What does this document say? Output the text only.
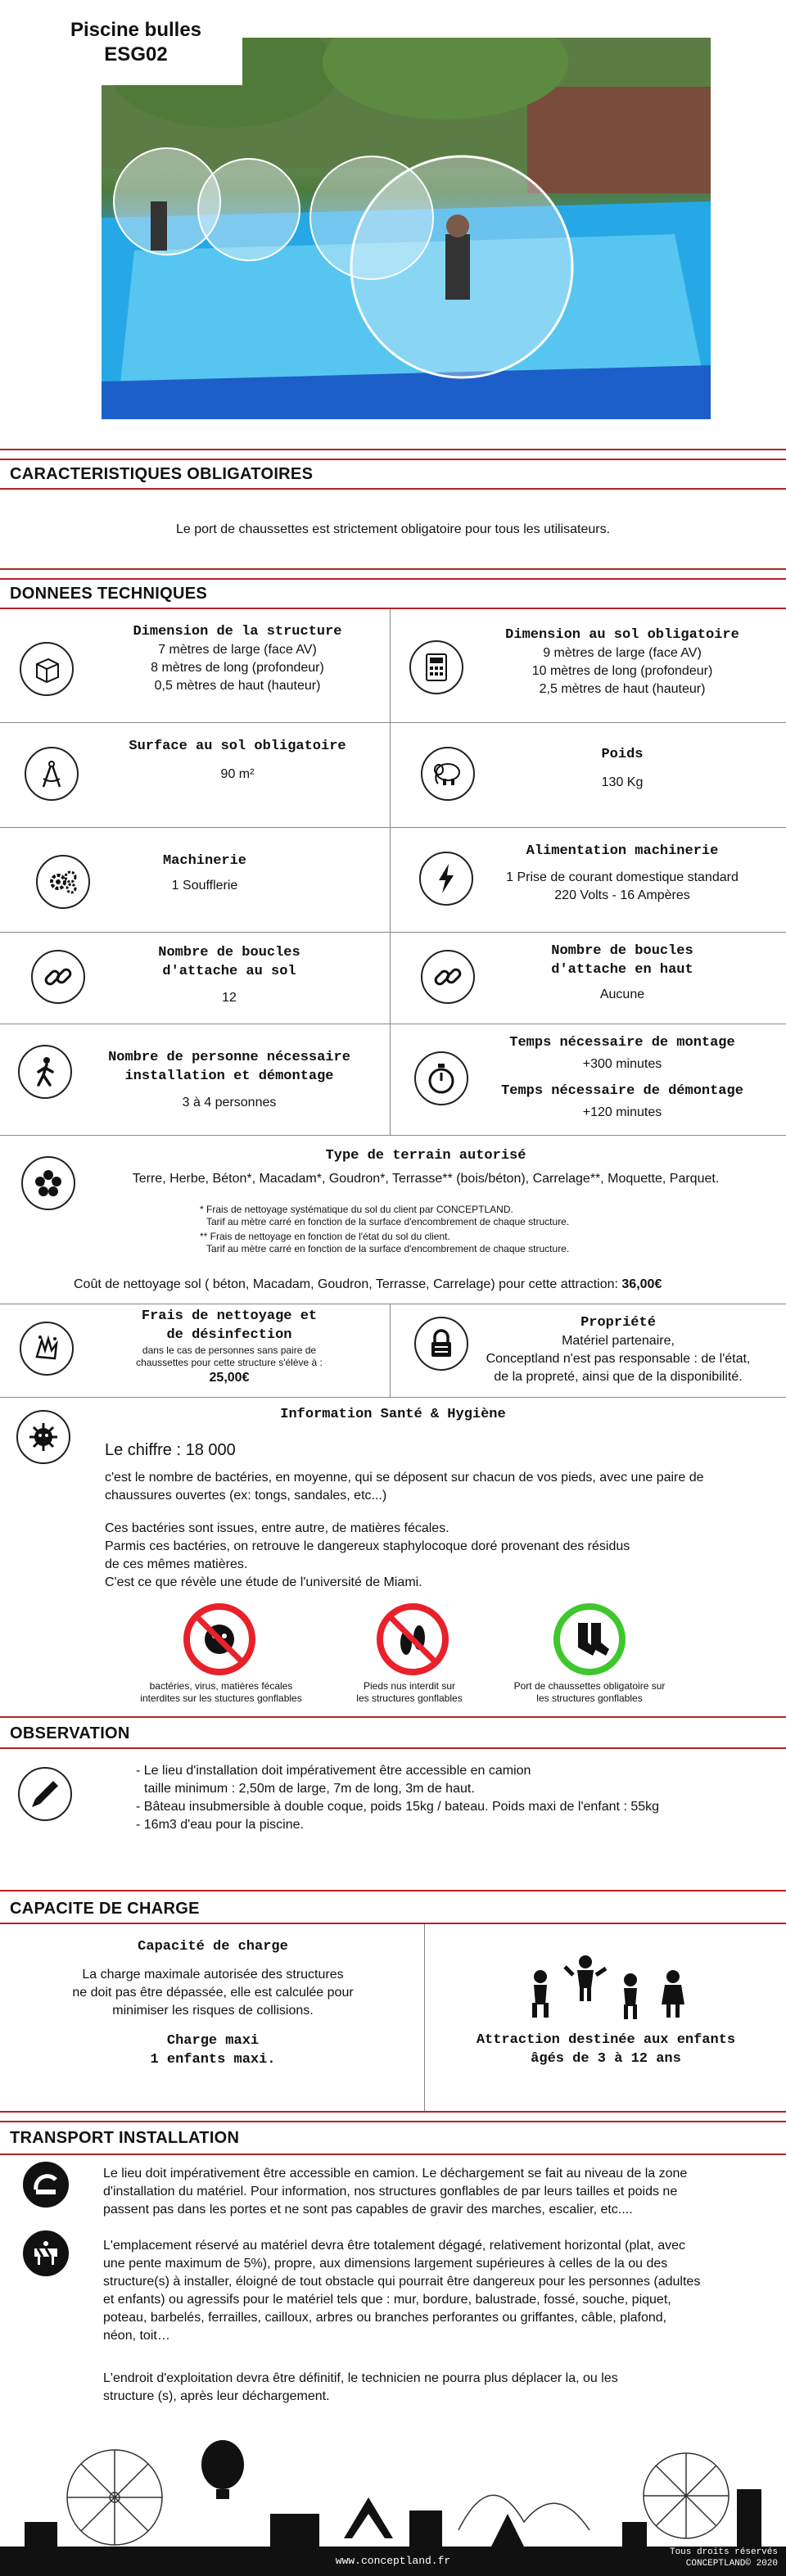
Piscine bulles
ESG02
CARACTERISTIQUES OBLIGATOIRES
Le port de chaussettes est strictement obligatoire pour tous les utilisateurs.
DONNEES TECHNIQUES
Dimension de la structure
7 mètres de large (face AV)
8 mètres de long (profondeur)
0,5 mètres de haut (hauteur)
Dimension au sol obligatoire
9 mètres de large (face AV)
10 mètres de long (profondeur)
2,5 mètres de haut (hauteur)
Surface au sol obligatoire
90 m²
Poids
130 Kg
Machinerie
1 Soufflerie
Alimentation machinerie
1 Prise de courant domestique standard
220 Volts - 16 Ampères
Nombre de boucles
d'attache au sol
12
Nombre de boucles
d'attache en haut
Aucune
Nombre de personne nécessaire
installation et démontage
3 à 4 personnes
Temps nécessaire de montage
+300 minutes
Temps nécessaire de démontage
+120 minutes
Type de terrain autorisé
Terre, Herbe, Béton*, Macadam*, Goudron*, Terrasse** (bois/béton), Carrelage**, Moquette, Parquet.
* Frais de nettoyage systématique du sol du client par CONCEPTLAND.
Tarif au mètre carré en fonction de la surface d'encombrement de chaque structure.
** Frais de nettoyage en fonction de l'état du sol du client.
Tarif au mètre carré en fonction de la surface d'encombrement de chaque structure.
Coût de nettoyage sol ( béton, Macadam, Goudron, Terrasse, Carrelage) pour cette attraction: 36,00€
Frais de nettoyage et
de désinfection
dans le cas de personnes sans paire de
chaussettes pour cette structure s'élève à :
25,00€
Propriété
Matériel partenaire,
Conceptland n'est pas responsable : de l'état,
de la propreté, ainsi que de la disponibilité.
Information Santé & Hygiène
Le chiffre : 18 000
c'est le nombre de bactéries, en moyenne, qui se déposent sur chacun de vos pieds, avec une paire de
chaussures ouvertes (ex: tongs, sandales, etc...)
Ces bactéries sont issues, entre autre, de matières fécales.
Parmis ces bactéries, on retrouve le dangereux staphylocoque doré provenant des résidus
de ces mêmes matières.
C'est ce que révèle une étude de l'université de Miami.
bactéries, virus, matières fécales
interdites sur les stuctures gonflables
Pieds nus interdit sur
les structures gonflables
Port de chaussettes obligatoire sur
les structures gonflables
OBSERVATION
- Le lieu d'installation doit impérativement être accessible en camion
taille minimum : 2,50m de large, 7m de long, 3m de haut.
- Bâteau insubmersible à double coque, poids 15kg / bateau. Poids maxi de l'enfant : 55kg
- 16m3 d'eau pour la piscine.
CAPACITE DE CHARGE
Capacité de charge
La charge maximale autorisée des structures
ne doit pas être dépassée, elle est calculée pour
minimiser les risques de collisions.
Charge maxi
1 enfants maxi.
Attraction destinée aux enfants
âgés de 3 à 12 ans
TRANSPORT INSTALLATION
Le lieu doit impérativement être accessible en camion. Le déchargement se fait au niveau de la zone
d'installation du matériel. Pour information, nos structures gonflables de par leurs tailles et poids ne
passent pas dans les portes et ne sont pas capables de gravir des marches, escalier, etc....
L'emplacement réservé au matériel devra être totalement dégagé, relativement horizontal (plat, avec
une pente maximum de 5%), propre, aux dimensions largement supérieures à celles de la ou des
structure(s) à installer, éloigné de tout obstacle qui pourrait être dangereux pour les personnes (adultes
et enfants) ou agressifs pour le matériel tels que : mur, bordure, balustrade, fossé, souche, piquet,
poteau, barbelés, ferrailles, cailloux, arbres ou branches perforantes ou griffantes, câble, plafond,
néon, toit…
L'endroit d'exploitation devra être définitif, le technicien ne pourra plus déplacer la, ou les
structure (s), après leur déchargement.
www.conceptland.fr
Tous droits réservés
CONCEPTLAND© 2020
